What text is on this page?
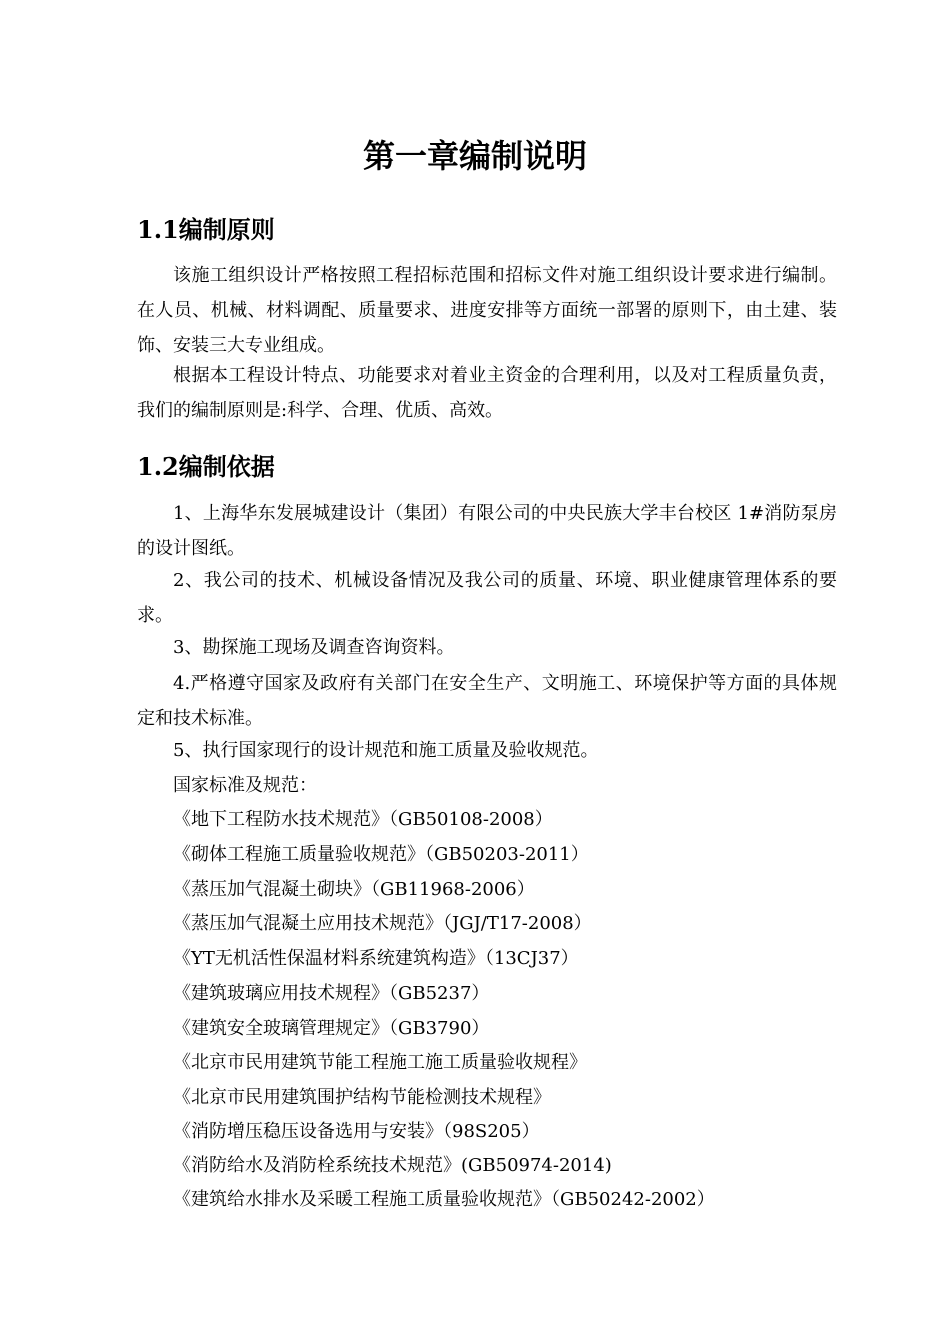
第一章编制说明
1.1编制原则

该施工组织设计严格按照工程招标范围和招标文件对施工组织设计要求进行编制。在人员、机械、材料调配、质量要求、进度安排等方面统一部署的原则下，由土建、装饰、安装三大专业组成。

根据本工程设计特点、功能要求对着业主资金的合理利用，以及对工程质量负责，我们的编制原则是:科学、合理、优质、高效。

1.2编制依据

1、上海华东发展城建设计（集团）有限公司的中央民族大学丰台校区 1#消防泵房的设计图纸。

2、我公司的技术、机械设备情况及我公司的质量、环境、职业健康管理体系的要求。

3、勘探施工现场及调查咨询资料。

4.严格遵守国家及政府有关部门在安全生产、文明施工、环境保护等方面的具体规定和技术标准。

5、执行国家现行的设计规范和施工质量及验收规范。

国家标准及规范：

《地下工程防水技术规范》（GB50108-2008）

《砌体工程施工质量验收规范》（GB50203-2011）

《蒸压加气混凝土砌块》（GB11968-2006）

《蒸压加气混凝土应用技术规范》（JGJ/T17-2008）

《YT无机活性保温材料系统建筑构造》（13CJ37）

《建筑玻璃应用技术规程》（GB5237）

《建筑安全玻璃管理规定》（GB3790）

《北京市民用建筑节能工程施工施工质量验收规程》

《北京市民用建筑围护结构节能检测技术规程》

《消防增压稳压设备选用与安装》（98S205）

《消防给水及消防栓系统技术规范》(GB50974-2014)

《建筑给水排水及采暖工程施工质量验收规范》（GB50242-2002）
